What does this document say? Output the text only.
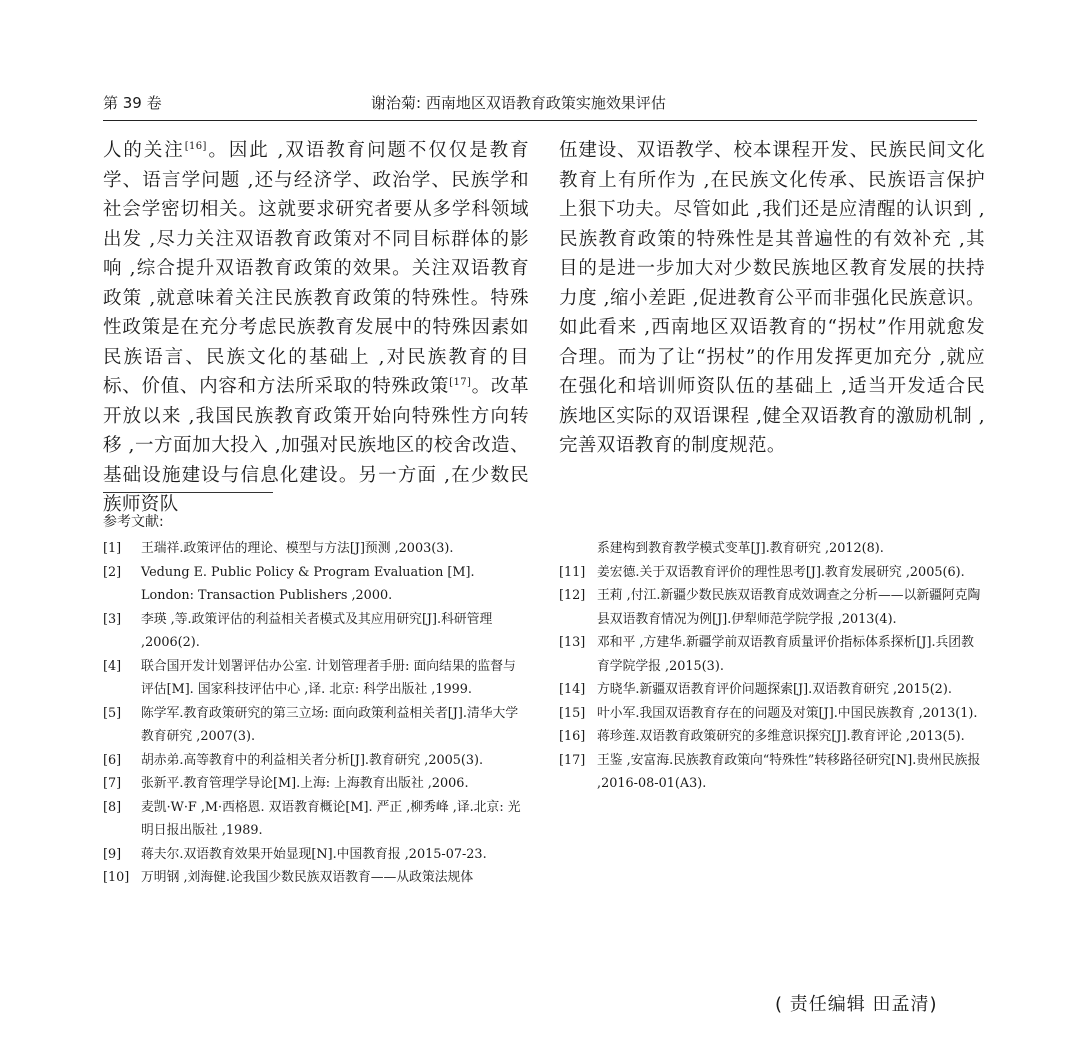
第 39 卷	谢治菊: 西南地区双语教育政策实施效果评估

人的关注[16]。因此 ,双语教育问题不仅仅是教育学、语言学问题 ,还与经济学、政治学、民族学和社会学密切相关。这就要求研究者要从多学科领域出发 ,尽力关注双语教育政策对不同目标群体的影响 ,综合提升双语教育政策的效果。关注双语教育政策 ,就意味着关注民族教育政策的特殊性。特殊性政策是在充分考虑民族教育发展中的特殊因素如民族语言、民族文化的基础上 ,对民族教育的目标、价值、内容和方法所采取的特殊政策[17]。改革开放以来 ,我国民族教育政策开始向特殊性方向转移 ,一方面加大投入 ,加强对民族地区的校舍改造、基础设施建设与信息化建设。另一方面 ,在少数民族师资队

伍建设、双语教学、校本课程开发、民族民间文化教育上有所作为 ,在民族文化传承、民族语言保护上狠下功夫。尽管如此 ,我们还是应清醒的认识到 ,民族教育政策的特殊性是其普遍性的有效补充 ,其目的是进一步加大对少数民族地区教育发展的扶持力度 ,缩小差距 ,促进教育公平而非强化民族意识。如此看来 ,西南地区双语教育的“拐杖”作用就愈发合理。而为了让“拐杖”的作用发挥更加充分 ,就应在强化和培训师资队伍的基础上 ,适当开发适合民族地区实际的双语课程 ,健全双语教育的激励机制 ,完善双语教育的制度规范。

参考文献:
[1] 王瑞祥.政策评估的理论、模型与方法[J]预测 ,2003(3).
[2] Vedung E. Public Policy & Program Evaluation [M]. London: Transaction Publishers ,2000.
[3] 李瑛 ,等.政策评估的利益相关者模式及其应用研究[J].科研管理 ,2006(2).
[4] 联合国开发计划署评估办公室. 计划管理者手册: 面向结果的监督与评估[M]. 国家科技评估中心 ,译. 北京: 科学出版社 ,1999.
[5] 陈学军.教育政策研究的第三立场: 面向政策利益相关者[J].清华大学教育研究 ,2007(3).
[6] 胡赤弟.高等教育中的利益相关者分析[J].教育研究 ,2005(3).
[7] 张新平.教育管理学导论[M].上海: 上海教育出版社 ,2006.
[8] 麦凯·W·F ,M·西格恩. 双语教育概论[M]. 严正 ,柳秀峰 ,译.北京: 光明日报出版社 ,1989.
[9] 蒋夫尔.双语教育效果开始显现[N].中国教育报 ,2015-07-23.
[10] 万明钢 ,刘海健.论我国少数民族双语教育——从政策法规体
系建构到教育教学模式变革[J].教育研究 ,2012(8).
[11] 姜宏德.关于双语教育评价的理性思考[J].教育发展研究 ,2005(6).
[12] 王莉 ,付江.新疆少数民族双语教育成效调查之分析——以新疆阿克陶县双语教育情况为例[J].伊犁师范学院学报 ,2013(4).
[13] 邓和平 ,方建华.新疆学前双语教育质量评价指标体系探析[J].兵团教育学院学报 ,2015(3).
[14] 方晓华.新疆双语教育评价问题探索[J].双语教育研究 ,2015(2).
[15] 叶小军.我国双语教育存在的问题及对策[J].中国民族教育 ,2013(1).
[16] 蒋珍莲.双语教育政策研究的多维意识探究[J].教育评论 ,2013(5).
[17] 王鉴 ,安富海.民族教育政策向“特殊性”转移路径研究[N].贵州民族报 ,2016-08-01(A3).
( 责任编辑 田孟清)
